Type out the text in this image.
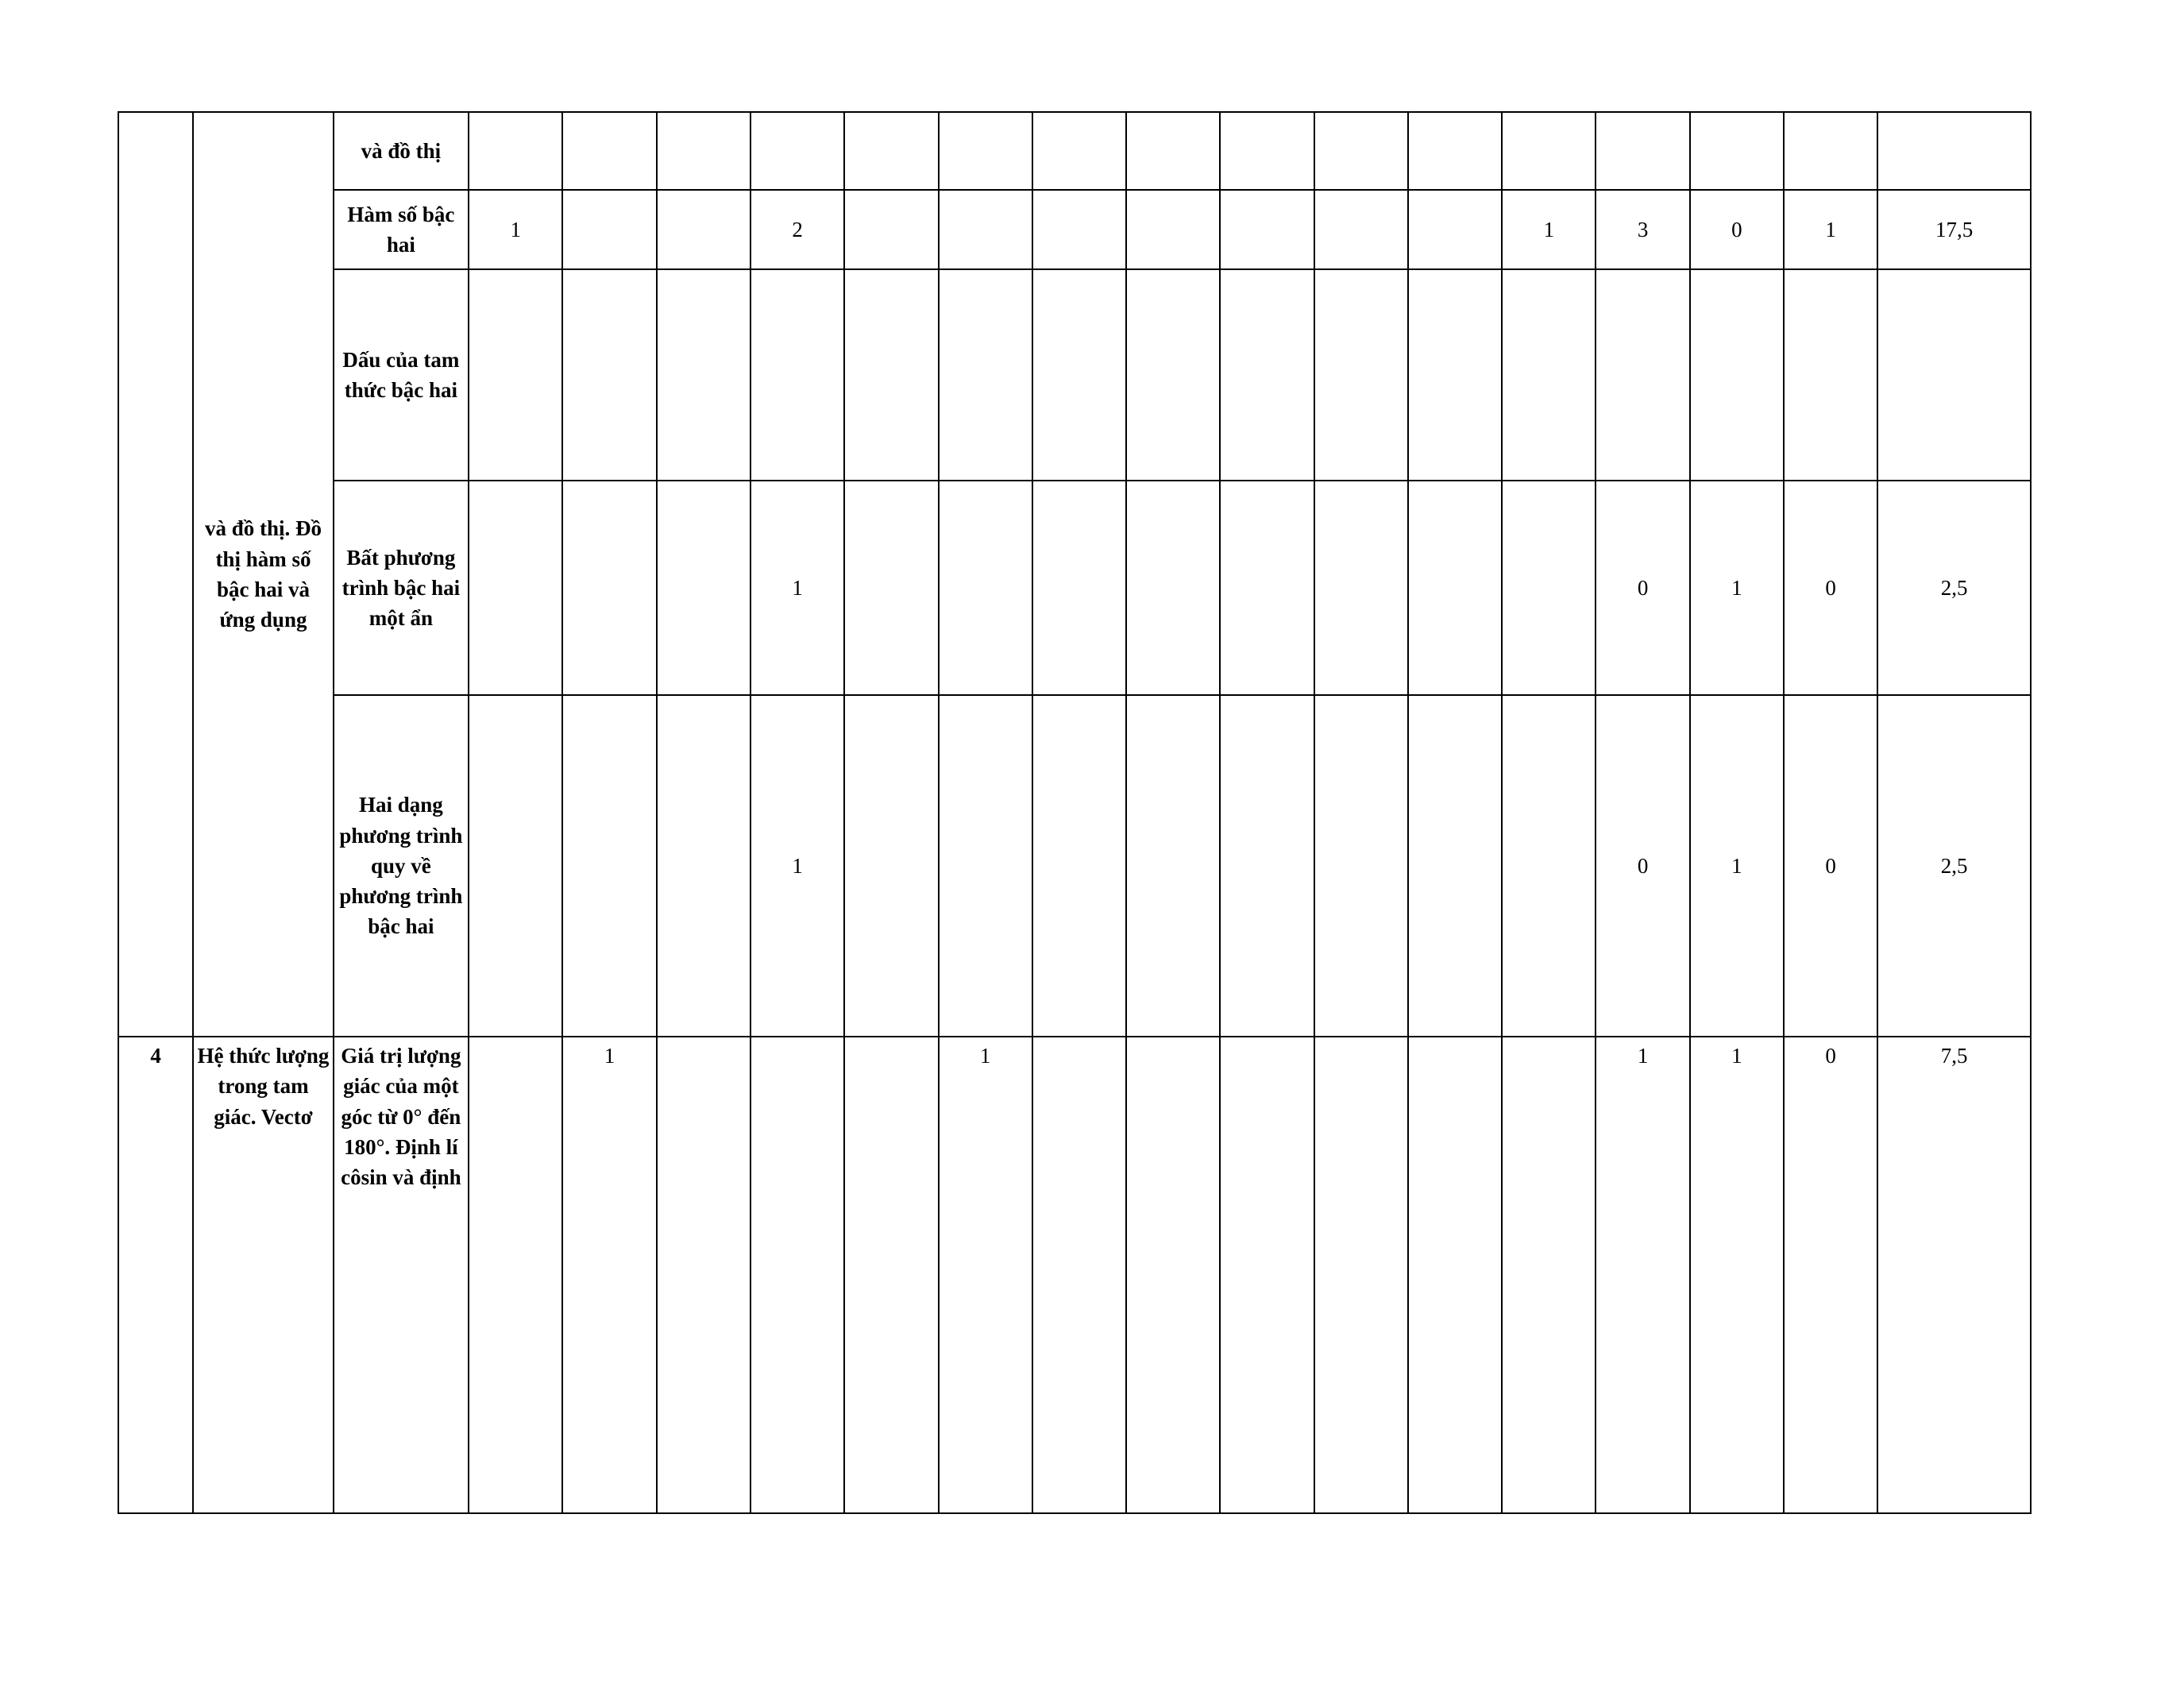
	và đồ thị. Đồ thị hàm số bậc hai và ứng dụng	và đồ thị																
		Hàm số bậc hai	1			2								1	3	0	1	17,5
		Dấu của tam thức bậc hai																
		Bất phương trình bậc hai một ẩn				1									0	1	0	2,5
		Hai dạng phương trình quy về phương trình bậc hai				1									0	1	0	2,5

4	Hệ thức lượng trong tam giác. Vectơ	Giá trị lượng giác của một góc từ 0° đến 180°. Định lí côsin và định		1				1							1	1	0	7,5
